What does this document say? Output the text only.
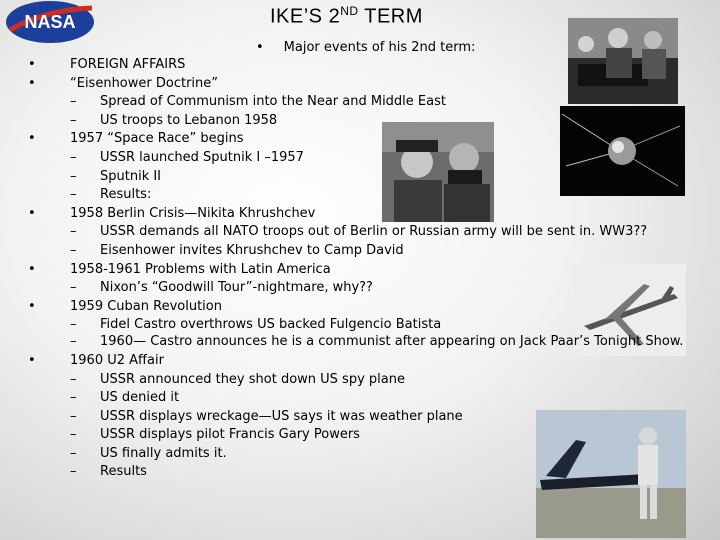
NASA	IKE’S 2ND TERM
• Major events of his 2nd term:
•	FOREIGN AFFAIRS
•	“Eisenhower Doctrine”
– Spread of Communism into the Near and Middle East
– US troops to Lebanon 1958
•	1957 “Space Race” begins
– USSR launched Sputnik I –1957
– Sputnik II
– Results:
•	1958 Berlin Crisis—Nikita Khrushchev
– USSR demands all NATO troops out of Berlin or Russian army will be sent in. WW3??
– Eisenhower invites Khrushchev to Camp David
•	1958-1961 Problems with Latin America
– Nixon’s “Goodwill Tour”-nightmare, why??
•	1959 Cuban Revolution
– Fidel Castro overthrows US backed Fulgencio Batista
– 1960— Castro announces he is a communist after appearing on Jack Paar’s Tonight Show.
•	1960 U2 Affair
– USSR announced they shot down US spy plane
– US denied it
– USSR displays wreckage—US says it was weather plane
– USSR displays pilot Francis Gary Powers
– US finally admits it.
– Results
